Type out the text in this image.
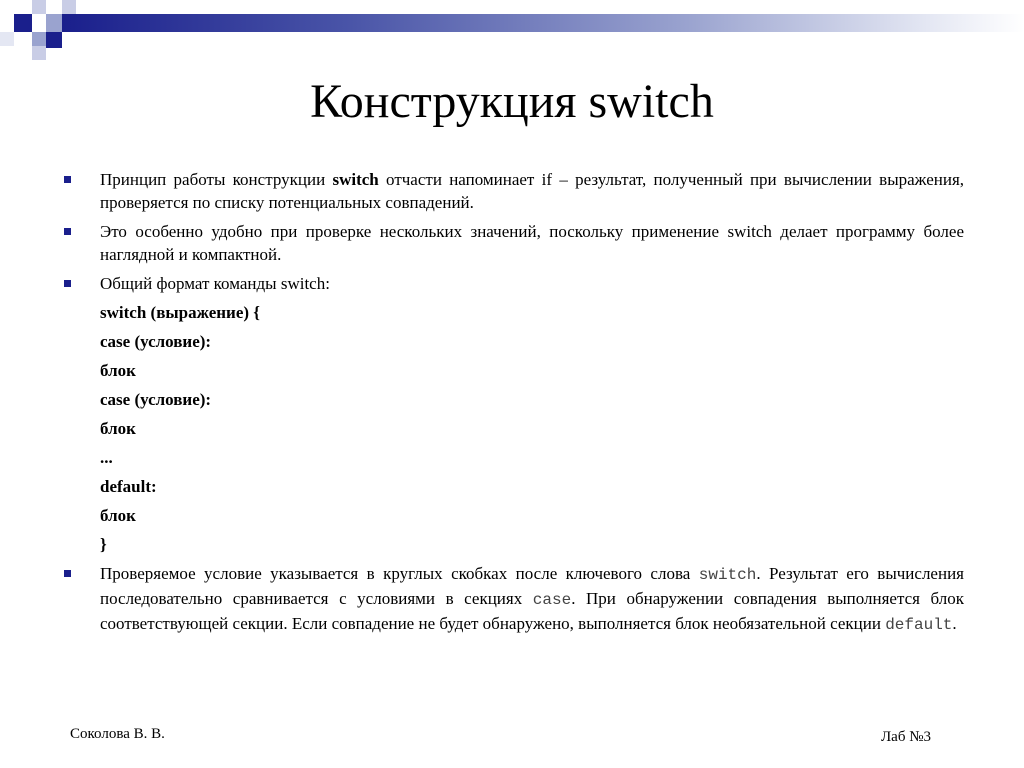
Конструкция switch
Принцип работы конструкции switch отчасти напоминает if – результат, полученный при вычислении выражения, проверяется по списку потенциальных совпадений.
Это особенно удобно при проверке нескольких значений, поскольку применение switch делает программу более наглядной и компактной.
Общий формат команды switch:
switch (выражение) {
case (условие):
блок
case (условие):
блок
...
default:
блок
}
Проверяемое условие указывается в круглых скобках после ключевого слова switch. Результат его вычисления последовательно сравнивается с условиями в секциях case. При обнаружении совпадения выполняется блок соответствующей секции. Если совпадение не будет обнаружено, выполняется блок необязательной секции default.
Соколова В. В.	Лаб №3
